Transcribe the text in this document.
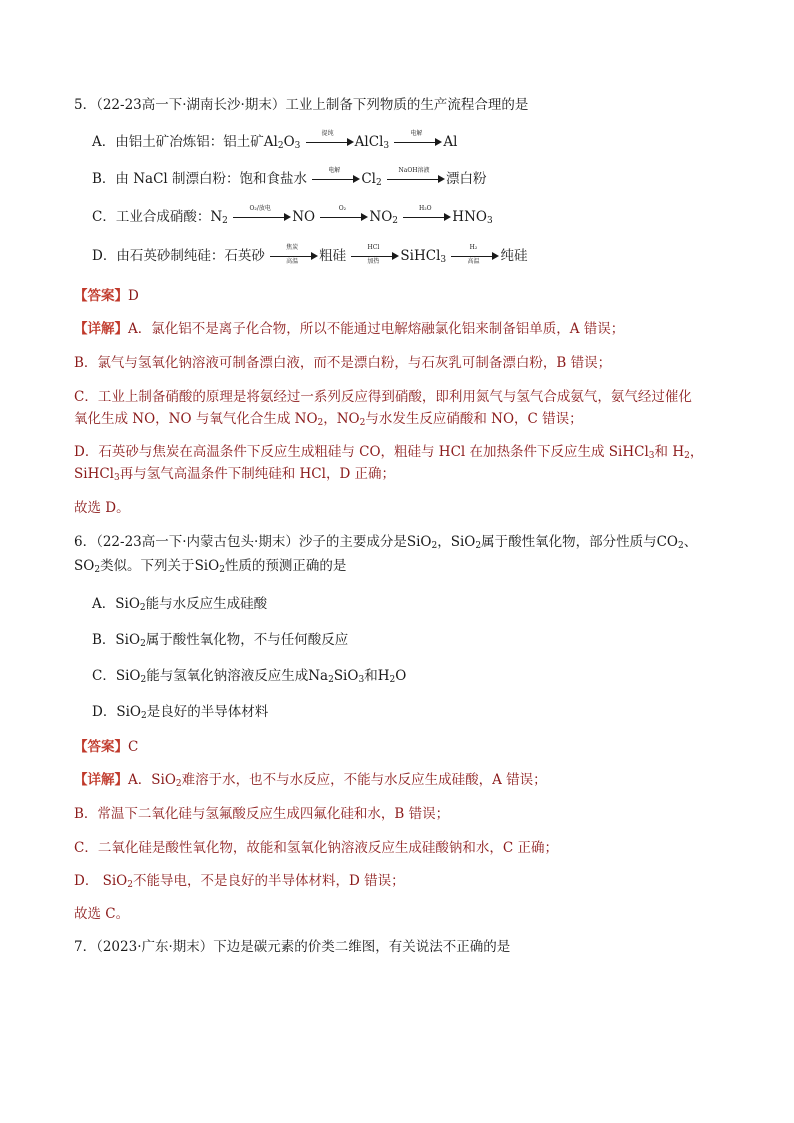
5．（22-23高一下·湖南长沙·期末）工业上制备下列物质的生产流程合理的是
A．由铝土矿冶炼铝：铝土矿$Al_2O_3$
提纯
AlCl$_3$
电解
Al
B．由 NaCl 制漂白粉：饱和食盐水
电解
$Cl_2$
NaOH溶液
漂白粉
C．工业合成硝酸：$N_2$
O₂/放电
NO
O₂
$NO_2$
H₂O
$HNO_3$
D．由石英砂制纯硅：石英砂
焦炭
高温	粗硅
HCl
加热	SiHCl$_3$
H₂
高温	纯硅
【答案】D
【详解】A．氯化铝不是离子化合物，所以不能通过电解熔融氯化铝来制备铝单质，A 错误；
B．氯气与氢氧化钠溶液可制备漂白液，而不是漂白粉，与石灰乳可制备漂白粉，B 错误；
C．工业上制备硝酸的原理是将氨经过一系列反应得到硝酸，即利用氮气与氢气合成氨气，氨气经过催化
氧化生成 NO，NO 与氧气化合生成 $NO_2$，$NO_2$与水发生反应硝酸和 NO，C 错误；
D．石英砂与焦炭在高温条件下反应生成粗硅与 CO，粗硅与 HCl 在加热条件下反应生成 SiHCl$_3$和 $H_2$，
SiHCl$_3$再与氢气高温条件下制纯硅和 HCl，D 正确；
故选 D。
6．（22-23高一下·内蒙古包头·期末）沙子的主要成分是SiO$_2$，SiO$_2$属于酸性氧化物，部分性质与$CO_2$、
$SO_2$类似。下列关于SiO$_2$性质的预测正确的是
A．SiO$_2$能与水反应生成硅酸
B．SiO$_2$属于酸性氧化物，不与任何酸反应
C．SiO$_2$能与氢氧化钠溶液反应生成$Na_2SiO_3$和$H_2O$
D．SiO$_2$是良好的半导体材料
【答案】C
【详解】A．SiO$_2$难溶于水，也不与水反应，不能与水反应生成硅酸，A 错误；
B．常温下二氧化硅与氢氟酸反应生成四氟化硅和水，B 错误；
C．二氧化硅是酸性氧化物，故能和氢氧化钠溶液反应生成硅酸钠和水，C 正确；
D． SiO$_2$不能导电，不是良好的半导体材料，D 错误；
故选 C。
7．（2023·广东·期末）下边是碳元素的价类二维图，有关说法不正确的是
